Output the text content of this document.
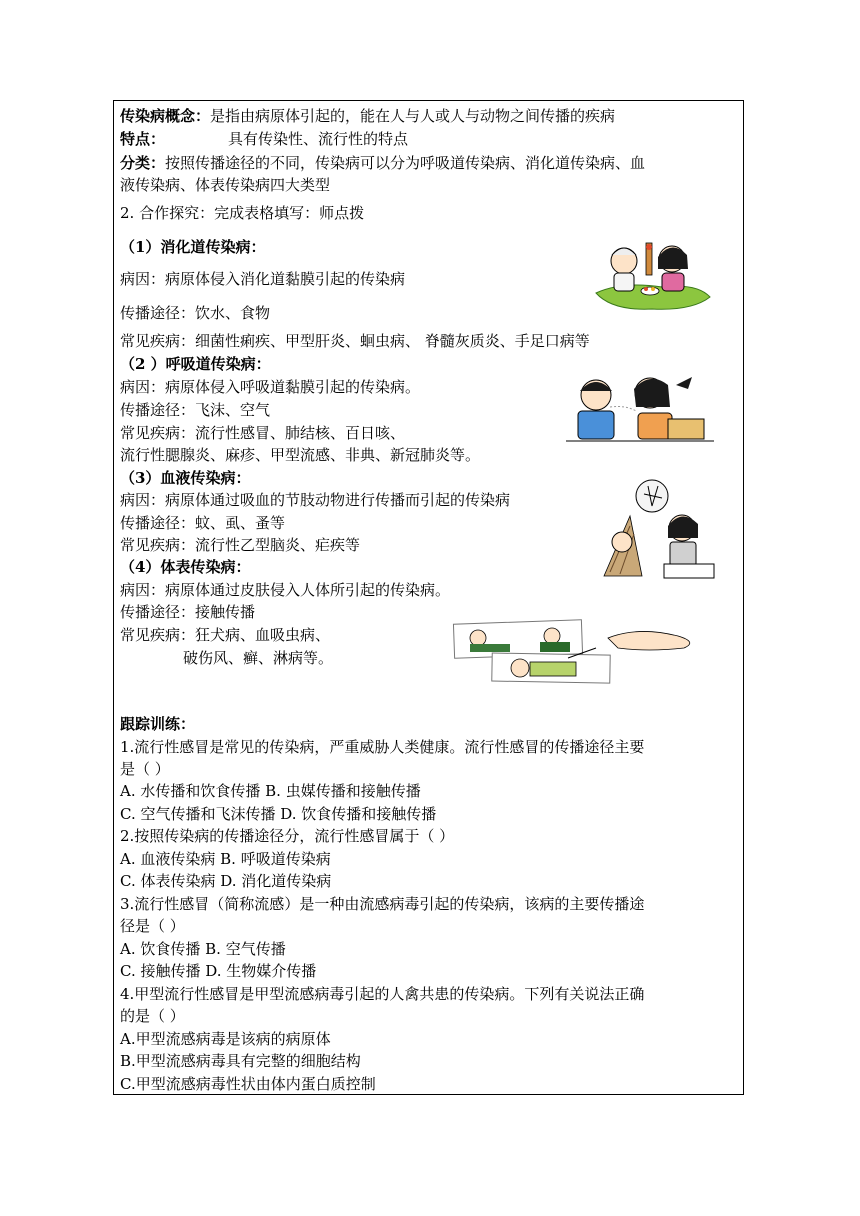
传染病概念：是指由病原体引起的，能在人与人或人与动物之间传播的疾病
特点：	具有传染性、流行性的特点
分类：按照传播途径的不同，传染病可以分为呼吸道传染病、消化道传染病、血
液传染病、体表传染病四大类型
2. 合作探究：完成表格填写：师点拨
（1）消化道传染病：
病因：病原体侵入消化道黏膜引起的传染病
传播途径：饮水、食物
常见疾病：细菌性痢疾、甲型肝炎、蛔虫病、 脊髓灰质炎、手足口病等
（2 ）呼吸道传染病：
病因：病原体侵入呼吸道黏膜引起的传染病。
传播途径：飞沫、空气
常见疾病：流行性感冒、肺结核、百日咳、
流行性腮腺炎、麻疹、甲型流感、非典、新冠肺炎等。
（3）血液传染病：
病因：病原体通过吸血的节肢动物进行传播而引起的传染病
传播途径：蚊、虱、蚤等
常见疾病：流行性乙型脑炎、疟疾等
（4）体表传染病：
病因：病原体通过皮肤侵入人体所引起的传染病。
传播途径：接触传播
常见疾病：狂犬病、血吸虫病、
破伤风、癣、淋病等。
跟踪训练：
1.流行性感冒是常见的传染病，严重威胁人类健康。流行性感冒的传播途径主要
是（ ）
A. 水传播和饮食传播 B. 虫媒传播和接触传播
C. 空气传播和飞沫传播 D. 饮食传播和接触传播
2.按照传染病的传播途径分，流行性感冒属于（ ）
A. 血液传染病 B. 呼吸道传染病
C. 体表传染病 D. 消化道传染病
3.流行性感冒（简称流感）是一种由流感病毒引起的传染病，该病的主要传播途
径是（ ）
A. 饮食传播 B. 空气传播
C. 接触传播 D. 生物媒介传播
4.甲型流行性感冒是甲型流感病毒引起的人禽共患的传染病。下列有关说法正确
的是（ ）
A.甲型流感病毒是该病的病原体
B.甲型流感病毒具有完整的细胞结构
C.甲型流感病毒性状由体内蛋白质控制
